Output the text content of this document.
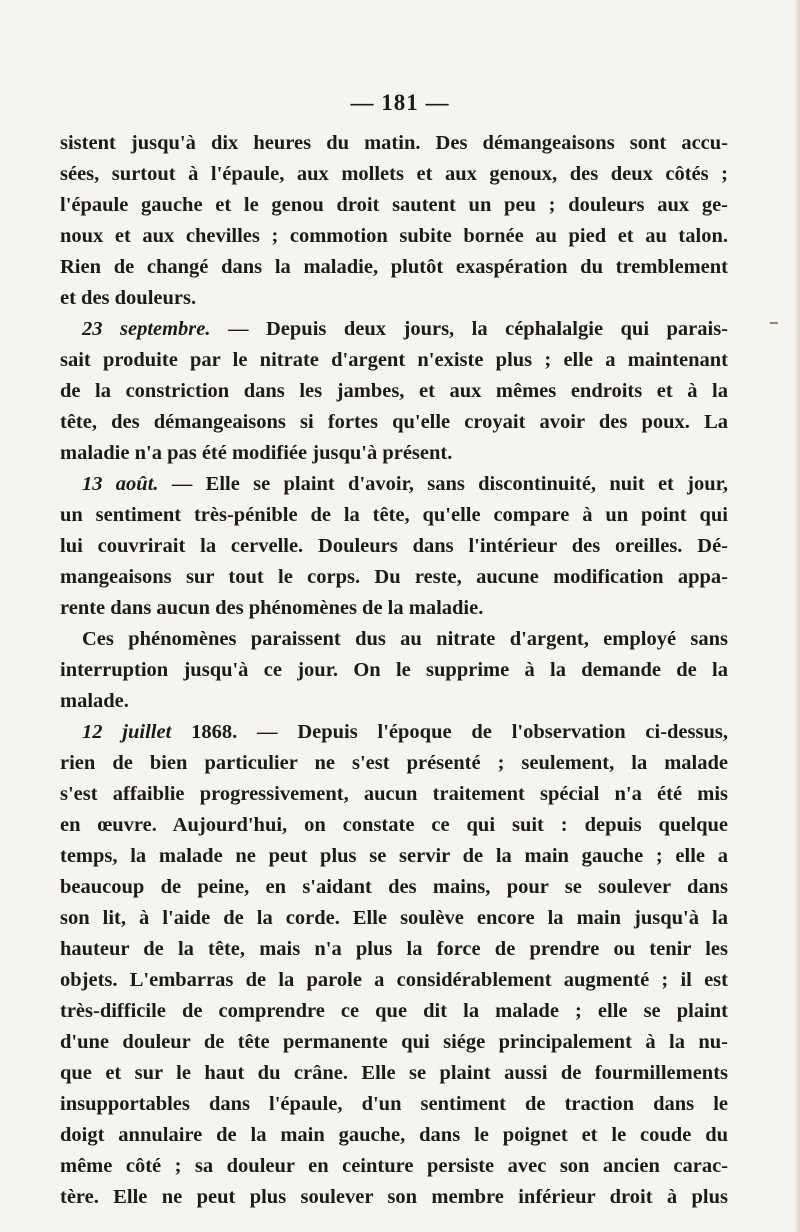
— 181 —
sistent jusqu'à dix heures du matin. Des démangeaisons sont accu-
sées, surtout à l'épaule, aux mollets et aux genoux, des deux côtés ;
l'épaule gauche et le genou droit sautent un peu ; douleurs aux ge-
noux et aux chevilles ; commotion subite bornée au pied et au talon.
Rien de changé dans la maladie, plutôt exaspération du tremblement
et des douleurs.
23 septembre. — Depuis deux jours, la céphalalgie qui parais-
sait produite par le nitrate d'argent n'existe plus ; elle a maintenant
de la constriction dans les jambes, et aux mêmes endroits et à la
tête, des démangeaisons si fortes qu'elle croyait avoir des poux. La
maladie n'a pas été modifiée jusqu'à présent.
13 août. — Elle se plaint d'avoir, sans discontinuité, nuit et jour,
un sentiment très-pénible de la tête, qu'elle compare à un point qui
lui couvrirait la cervelle. Douleurs dans l'intérieur des oreilles. Dé-
mangeaisons sur tout le corps. Du reste, aucune modification appa-
rente dans aucun des phénomènes de la maladie.
Ces phénomènes paraissent dus au nitrate d'argent, employé sans
interruption jusqu'à ce jour. On le supprime à la demande de la
malade.
12 juillet 1868. — Depuis l'époque de l'observation ci-dessus,
rien de bien particulier ne s'est présenté ; seulement, la malade
s'est affaiblie progressivement, aucun traitement spécial n'a été mis
en œuvre. Aujourd'hui, on constate ce qui suit : depuis quelque
temps, la malade ne peut plus se servir de la main gauche ; elle a
beaucoup de peine, en s'aidant des mains, pour se soulever dans
son lit, à l'aide de la corde. Elle soulève encore la main jusqu'à la
hauteur de la tête, mais n'a plus la force de prendre ou tenir les
objets. L'embarras de la parole a considérablement augmenté ; il est
très-difficile de comprendre ce que dit la malade ; elle se plaint
d'une douleur de tête permanente qui siége principalement à la nu-
que et sur le haut du crâne. Elle se plaint aussi de fourmillements
insupportables dans l'épaule, d'un sentiment de traction dans le
doigt annulaire de la main gauche, dans le poignet et le coude du
même côté ; sa douleur en ceinture persiste avec son ancien carac-
tère. Elle ne peut plus soulever son membre inférieur droit à plus
